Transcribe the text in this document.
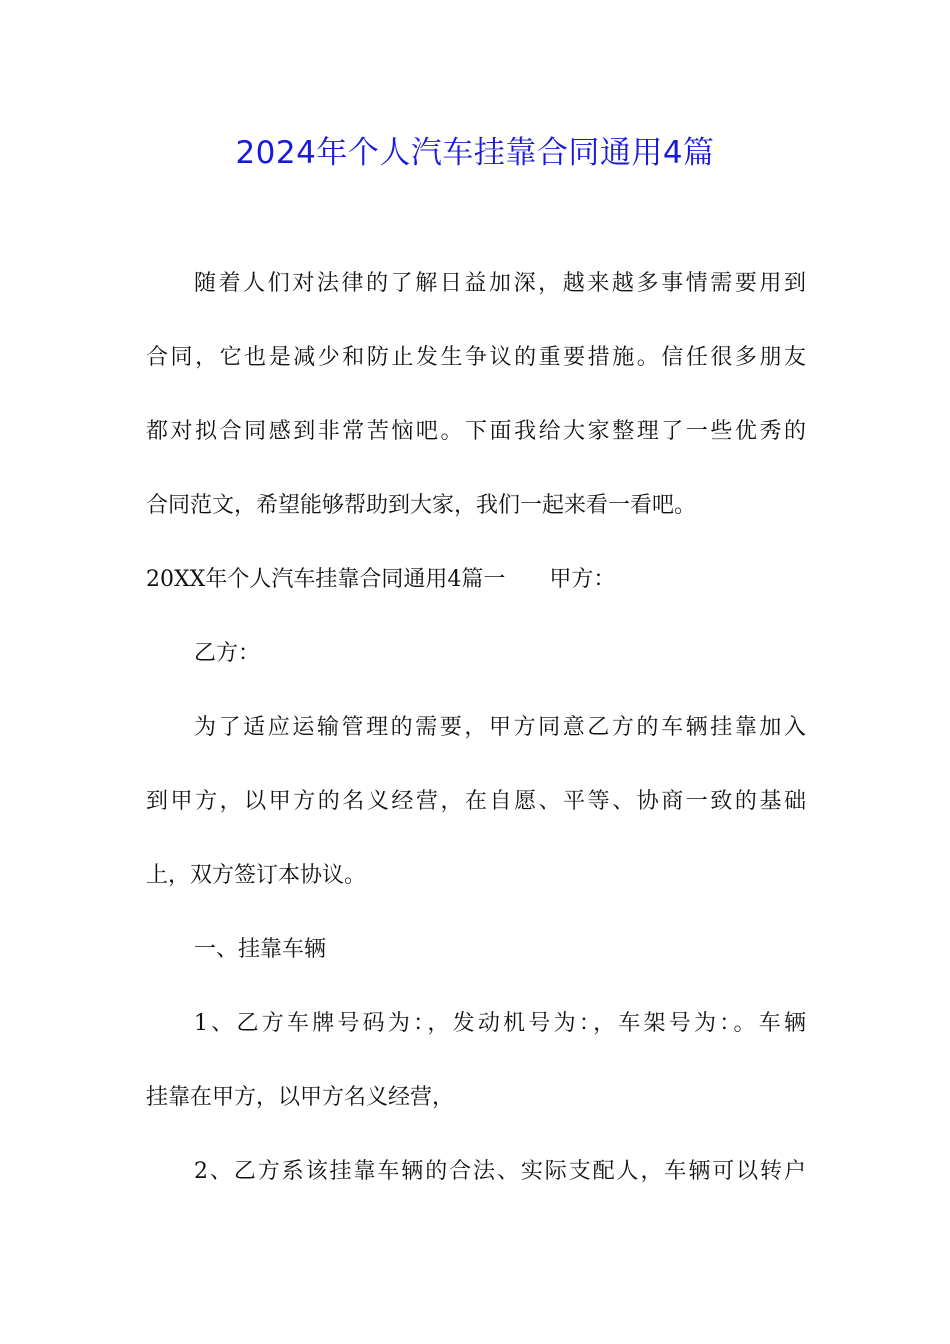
2024年个人汽车挂靠合同通用4篇
随着人们对法律的了解日益加深，越来越多事情需要用到
合同，它也是减少和防止发生争议的重要措施。信任很多朋友
都对拟合同感到非常苦恼吧。下面我给大家整理了一些优秀的
合同范文，希望能够帮助到大家，我们一起来看一看吧。
20XX年个人汽车挂靠合同通用4篇一　　甲方：
乙方：
为了适应运输管理的需要，甲方同意乙方的车辆挂靠加入
到甲方，以甲方的名义经营，在自愿、平等、协商一致的基础
上，双方签订本协议。
一、挂靠车辆
1、乙方车牌号码为：，发动机号为：，车架号为：。车辆
挂靠在甲方，以甲方名义经营，
2、乙方系该挂靠车辆的合法、实际支配人，车辆可以转户
